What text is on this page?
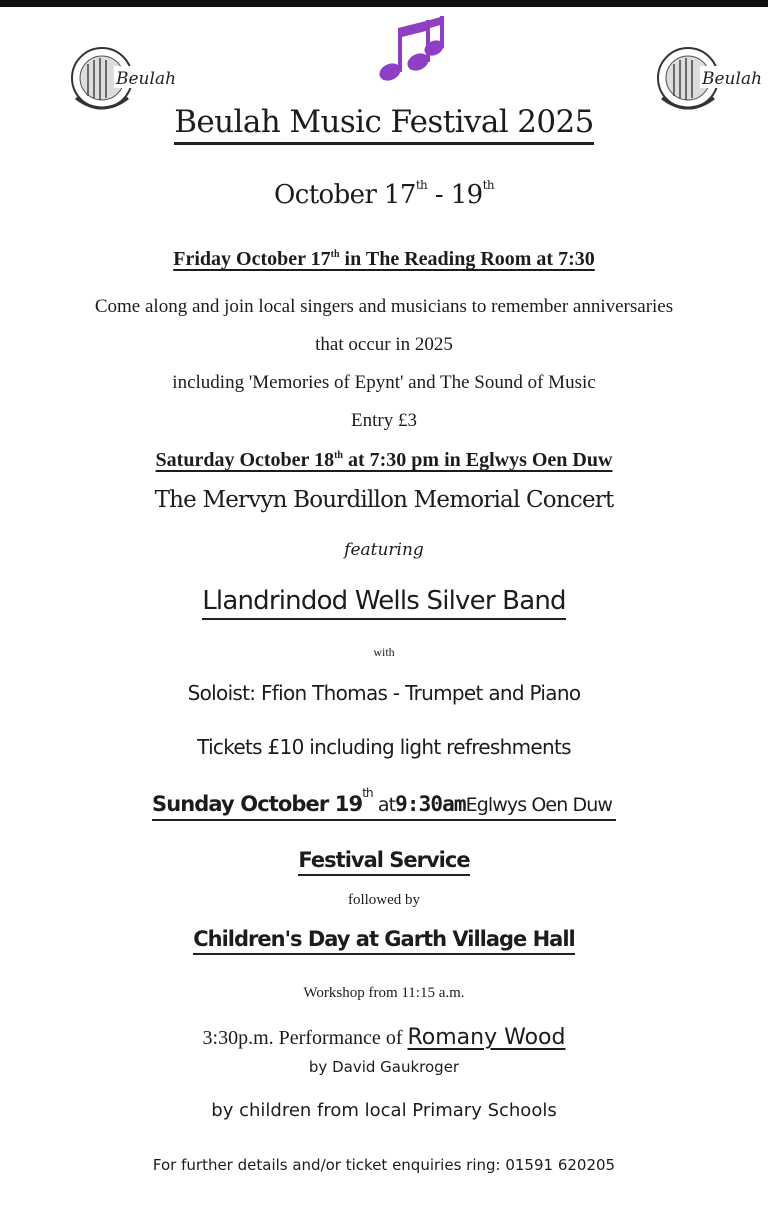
Beulah	Beulah
Beulah Music Festival 2025
October 17th - 19th
Friday October 17th in The Reading Room at 7:30
Come along and join local singers and musicians to remember anniversaries
that occur in 2025
including 'Memories of Epynt' and The Sound of Music
Entry £3
Saturday October 18th at 7:30 pm in Eglwys Oen Duw
The Mervyn Bourdillon Memorial Concert
featuring
Llandrindod Wells Silver Band
with
Soloist: Ffion Thomas - Trumpet and Piano
Tickets £10 including light refreshments
Sunday October 19th at9:30amEglwys Oen Duw
Festival Service
followed by
Children's Day at Garth Village Hall
Workshop from 11:15 a.m.
3:30p.m. Performance of Romany Wood
by David Gaukroger
by children from local Primary Schools
For further details and/or ticket enquiries ring: 01591 620205
